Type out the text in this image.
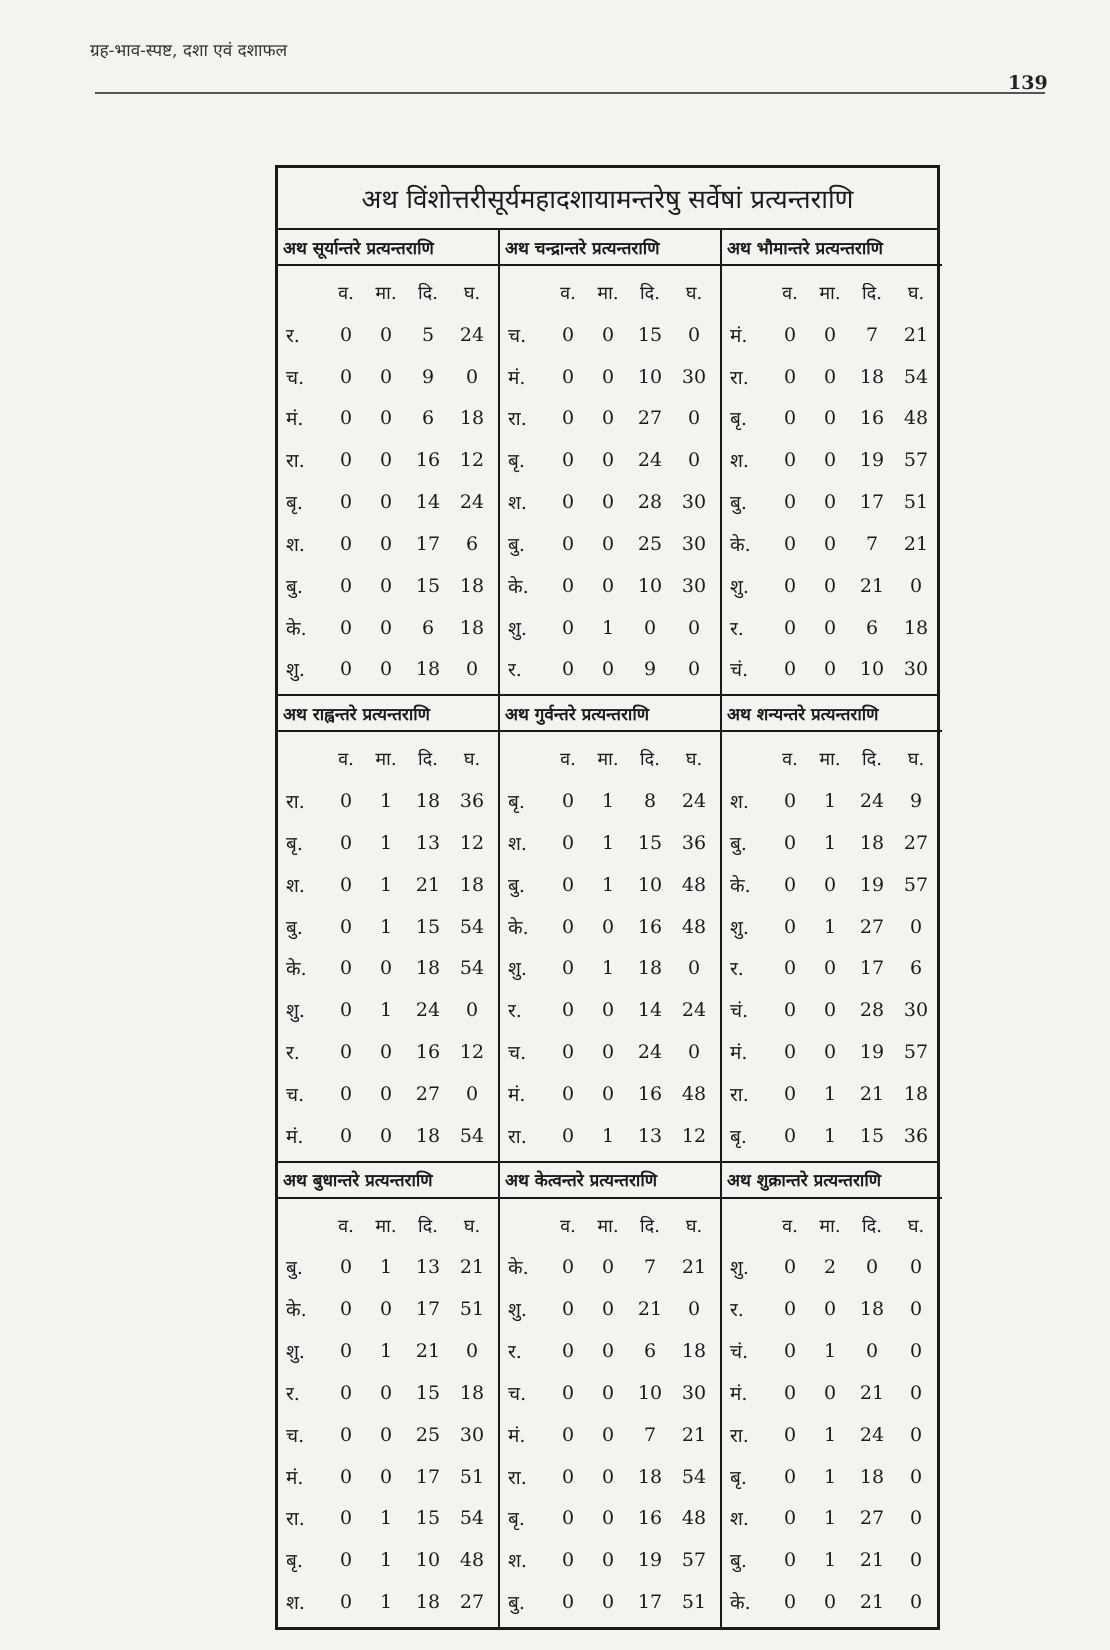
ग्रह-भाव-स्पष्ट, दशा एवं दशाफल
139
अथ विंशोत्तरीसूर्यमहादशायामन्तरेषु सर्वेषां प्रत्यन्तराणि
अथ सूर्यान्तरे प्रत्यन्तराणि
व.	मा.	दि.	घ.
र.	0	0	5	24
च.	0	0	9	0
मं.	0	0	6	18
रा.	0	0	16	12
बृ.	0	0	14	24
श.	0	0	17	6
बु.	0	0	15	18
के.	0	0	6	18
शु.	0	0	18	0
अथ चन्द्रान्तरे प्रत्यन्तराणि
व.	मा.	दि.	घ.
च.	0	0	15	0
मं.	0	0	10	30
रा.	0	0	27	0
बृ.	0	0	24	0
श.	0	0	28	30
बु.	0	0	25	30
के.	0	0	10	30
शु.	0	1	0	0
र.	0	0	9	0
अथ भौमान्तरे प्रत्यन्तराणि
व.	मा.	दि.	घ.
मं.	0	0	7	21
रा.	0	0	18	54
बृ.	0	0	16	48
श.	0	0	19	57
बु.	0	0	17	51
के.	0	0	7	21
शु.	0	0	21	0
र.	0	0	6	18
चं.	0	0	10	30
अथ राह्वन्तरे प्रत्यन्तराणि
व.	मा.	दि.	घ.
रा.	0	1	18	36
बृ.	0	1	13	12
श.	0	1	21	18
बु.	0	1	15	54
के.	0	0	18	54
शु.	0	1	24	0
र.	0	0	16	12
च.	0	0	27	0
मं.	0	0	18	54
अथ गुर्वन्तरे प्रत्यन्तराणि
व.	मा.	दि.	घ.
बृ.	0	1	8	24
श.	0	1	15	36
बु.	0	1	10	48
के.	0	0	16	48
शु.	0	1	18	0
र.	0	0	14	24
च.	0	0	24	0
मं.	0	0	16	48
रा.	0	1	13	12
अथ शन्यन्तरे प्रत्यन्तराणि
व.	मा.	दि.	घ.
श.	0	1	24	9
बु.	0	1	18	27
के.	0	0	19	57
शु.	0	1	27	0
र.	0	0	17	6
चं.	0	0	28	30
मं.	0	0	19	57
रा.	0	1	21	18
बृ.	0	1	15	36
अथ बुधान्तरे प्रत्यन्तराणि
व.	मा.	दि.	घ.
बु.	0	1	13	21
के.	0	0	17	51
शु.	0	1	21	0
र.	0	0	15	18
च.	0	0	25	30
मं.	0	0	17	51
रा.	0	1	15	54
बृ.	0	1	10	48
श.	0	1	18	27
अथ केत्वन्तरे प्रत्यन्तराणि
व.	मा.	दि.	घ.
के.	0	0	7	21
शु.	0	0	21	0
र.	0	0	6	18
च.	0	0	10	30
मं.	0	0	7	21
रा.	0	0	18	54
बृ.	0	0	16	48
श.	0	0	19	57
बु.	0	0	17	51
अथ शुक्रान्तरे प्रत्यन्तराणि
व.	मा.	दि.	घ.
शु.	0	2	0	0
र.	0	0	18	0
चं.	0	1	0	0
मं.	0	0	21	0
रा.	0	1	24	0
बृ.	0	1	18	0
श.	0	1	27	0
बु.	0	1	21	0
के.	0	0	21	0
